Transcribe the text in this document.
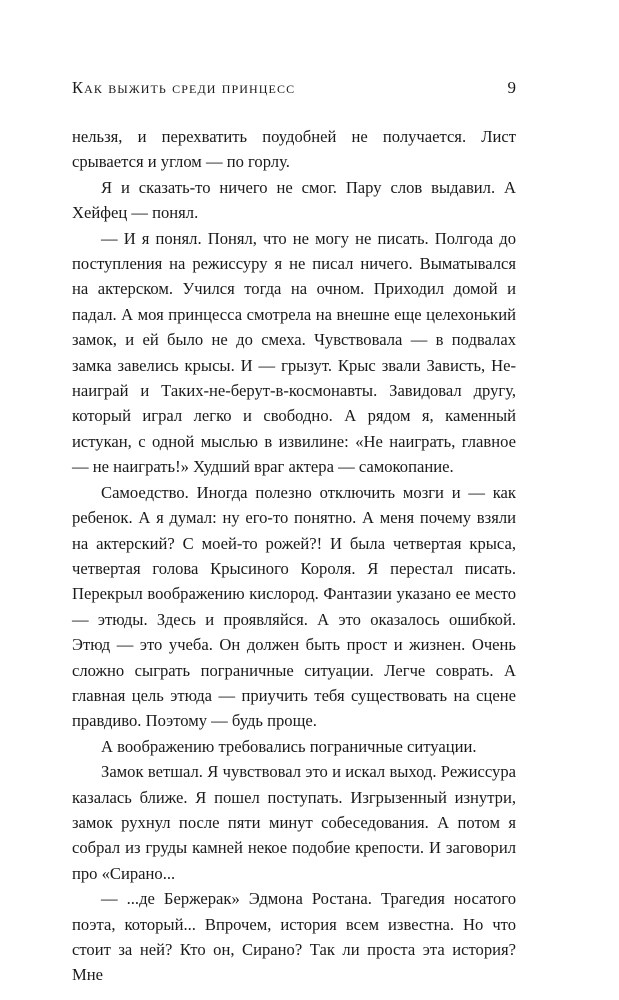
Как выжить среди принцесс	9

нельзя, и перехватить поудобней не получается. Лист срывается и углом — по горлу.

Я и сказать-то ничего не смог. Пару слов выдавил. А Хейфец — понял.

— И я понял. Понял, что не могу не писать. Полгода до поступления на режиссуру я не писал ничего. Выматывался на актерском. Учился тогда на очном. Приходил домой и падал. А моя принцесса смотрела на внешне еще целехонький замок, и ей было не до смеха. Чувствовала — в подвалах замка завелись крысы. И — грызут. Крыс звали Зависть, Не-наиграй и Таких-не-берут-в-космонавты. Завидовал другу, который играл легко и свободно. А рядом я, каменный истукан, с одной мыслью в извилине: «Не наиграть, главное — не наиграть!» Худший враг актера — самокопание.

Самоедство. Иногда полезно отключить мозги и — как ребенок. А я думал: ну его-то понятно. А меня почему взяли на актерский? С моей-то рожей?! И была четвертая крыса, четвертая голова Крысиного Короля. Я перестал писать. Перекрыл воображению кислород. Фантазии указано ее место — этюды. Здесь и проявляйся. А это оказалось ошибкой. Этюд — это учеба. Он должен быть прост и жизнен. Очень сложно сыграть пограничные ситуации. Легче соврать. А главная цель этюда — приучить тебя существовать на сцене правдиво. Поэтому — будь проще.

А воображению требовались пограничные ситуации.

Замок ветшал. Я чувствовал это и искал выход. Режиссура казалась ближе. Я пошел поступать. Изгрызенный изнутри, замок рухнул после пяти минут собеседования. А потом я собрал из груды камней некое подобие крепости. И заговорил про «Сирано...

— ...де Бержерак» Эдмона Ростана. Трагедия носатого поэта, который... Впрочем, история всем известна. Но что стоит за ней? Кто он, Сирано? Так ли проста эта история? Мне
